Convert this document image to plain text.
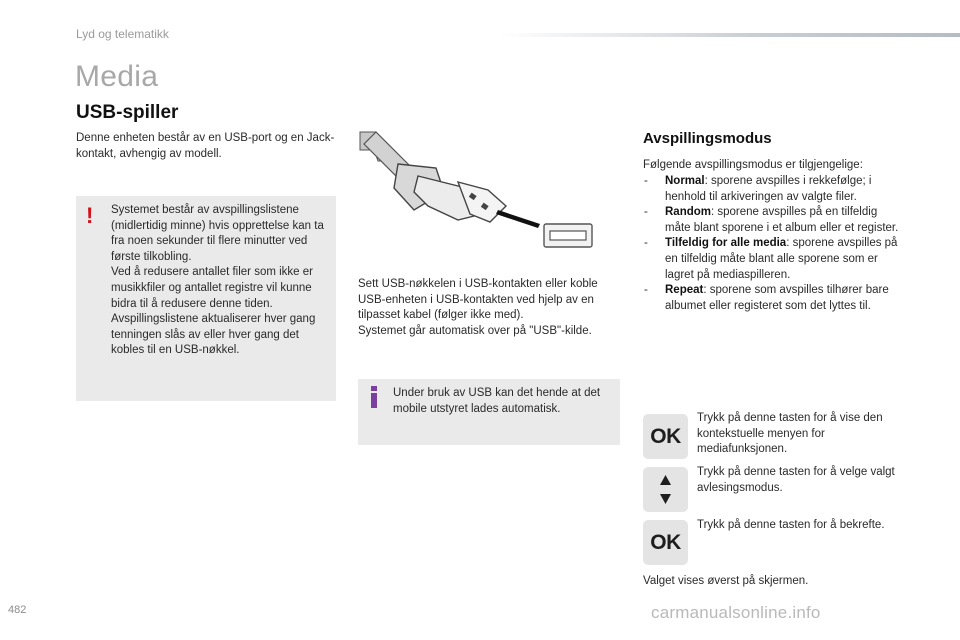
Lyd og telematikk
Media
USB-spiller
Denne enheten består av en USB-port og en Jack-kontakt, avhengig av modell.
! Systemet består av avspillingslistene (midlertidig minne) hvis opprettelse kan ta fra noen sekunder til flere minutter ved første tilkobling.
Ved å redusere antallet filer som ikke er musikkfiler og antallet registre vil kunne bidra til å redusere denne tiden.
Avspillingslistene aktualiserer hver gang tenningen slås av eller hver gang det kobles til en USB-nøkkel.
Sett USB-nøkkelen i USB-kontakten eller koble USB-enheten i USB-kontakten ved hjelp av en tilpasset kabel (følger ikke med).
Systemet går automatisk over på "USB"-kilde.
Under bruk av USB kan det hende at det mobile utstyret lades automatisk.
Avspillingsmodus
Følgende avspillingsmodus er tilgjengelige:
- Normal: sporene avspilles i rekkefølge; i henhold til arkiveringen av valgte filer.
- Random: sporene avspilles på en tilfeldig måte blant sporene i et album eller et register.
- Tilfeldig for alle media: sporene avspilles på en tilfeldig måte blant alle sporene som er lagret på mediaspilleren.
- Repeat: sporene som avspilles tilhører bare albumet eller registeret som det lyttes til.
OK
Trykk på denne tasten for å vise den kontekstuelle menyen for mediafunksjonen.
Trykk på denne tasten for å velge valgt avlesingsmodus.
OK
Trykk på denne tasten for å bekrefte.
Valget vises øverst på skjermen.
482	carmanualsonline.info
